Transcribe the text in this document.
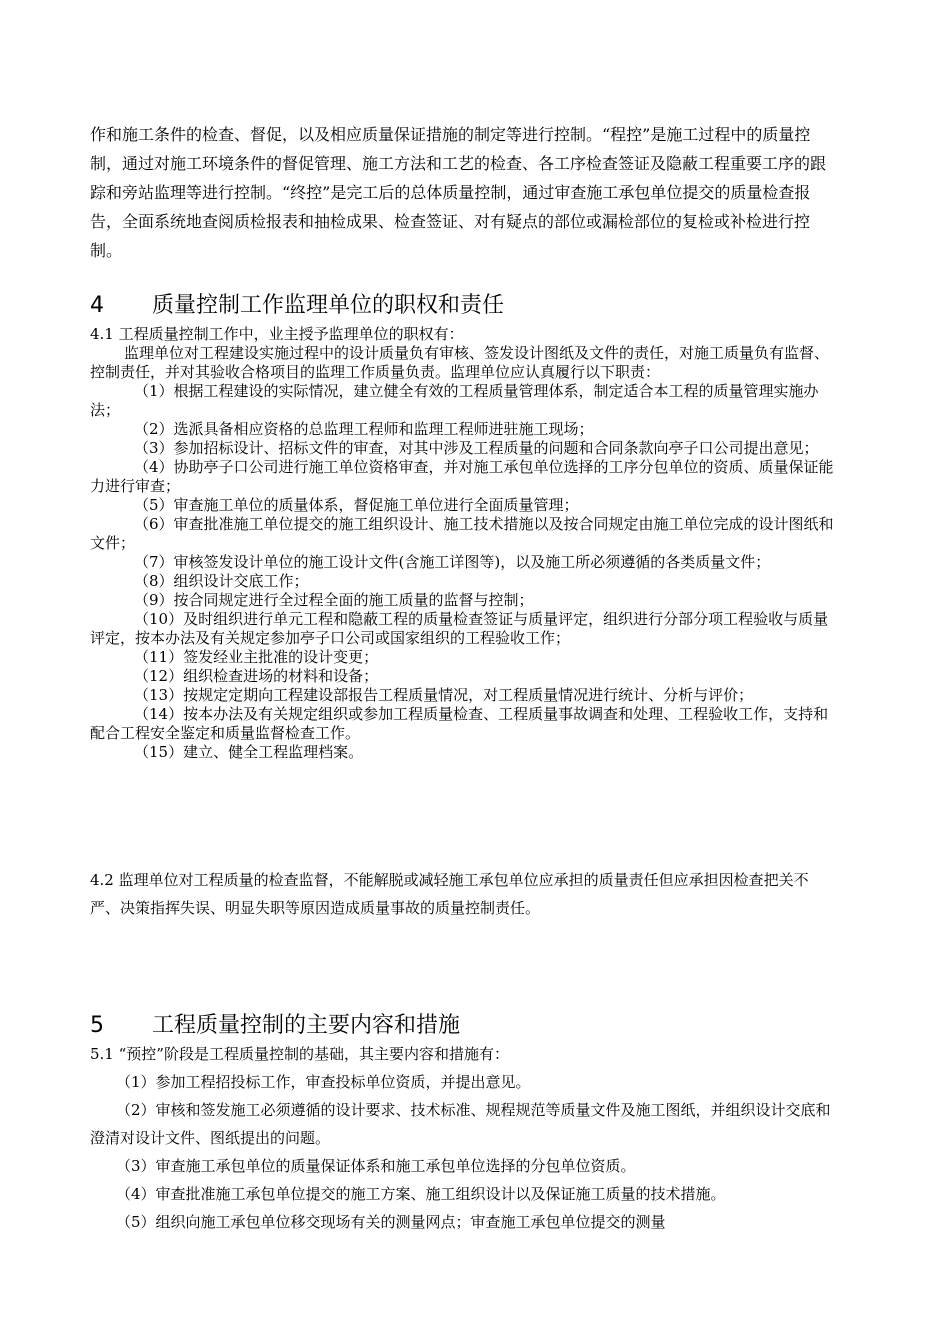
作和施工条件的检查、督促，以及相应质量保证措施的制定等进行控制。“程控”是施工过程中的质量控制，通过对施工环境条件的督促管理、施工方法和工艺的检查、各工序检查签证及隐蔽工程重要工序的跟踪和旁站监理等进行控制。“终控”是完工后的总体质量控制，通过审查施工承包单位提交的质量检查报告，全面系统地查阅质检报表和抽检成果、检查签证、对有疑点的部位或漏检部位的复检或补检进行控制。

4 质量控制工作监理单位的职权和责任

4.1 工程质量控制工作中，业主授予监理单位的职权有：

监理单位对工程建设实施过程中的设计质量负有审核、签发设计图纸及文件的责任，对施工质量负有监督、控制责任，并对其验收合格项目的监理工作质量负责。监理单位应认真履行以下职责：

（1）根据工程建设的实际情况，建立健全有效的工程质量管理体系，制定适合本工程的质量管理实施办法；

（2）选派具备相应资格的总监理工程师和监理工程师进驻施工现场；

（3）参加招标设计、招标文件的审查，对其中涉及工程质量的问题和合同条款向亭子口公司提出意见；

（4）协助亭子口公司进行施工单位资格审查，并对施工承包单位选择的工序分包单位的资质、质量保证能力进行审查；

（5）审查施工单位的质量体系，督促施工单位进行全面质量管理；

（6）审查批准施工单位提交的施工组织设计、施工技术措施以及按合同规定由施工单位完成的设计图纸和文件；

（7）审核签发设计单位的施工设计文件(含施工详图等)，以及施工所必须遵循的各类质量文件；

（8）组织设计交底工作；

（9）按合同规定进行全过程全面的施工质量的监督与控制；

（10）及时组织进行单元工程和隐蔽工程的质量检查签证与质量评定，组织进行分部分项工程验收与质量评定，按本办法及有关规定参加亭子口公司或国家组织的工程验收工作；

（11）签发经业主批准的设计变更；

（12）组织检查进场的材料和设备；

（13）按规定定期向工程建设部报告工程质量情况，对工程质量情况进行统计、分析与评价；

（14）按本办法及有关规定组织或参加工程质量检查、工程质量事故调查和处理、工程验收工作，支持和配合工程安全鉴定和质量监督检查工作。

（15）建立、健全工程监理档案。

4.2 监理单位对工程质量的检查监督，不能解脱或减轻施工承包单位应承担的质量责任但应承担因检查把关不严、决策指挥失误、明显失职等原因造成质量事故的质量控制责任。

5 工程质量控制的主要内容和措施

5.1 “预控”阶段是工程质量控制的基础，其主要内容和措施有：

（1）参加工程招投标工作，审查投标单位资质，并提出意见。

（2）审核和签发施工必须遵循的设计要求、技术标准、规程规范等质量文件及施工图纸，并组织设计交底和澄清对设计文件、图纸提出的问题。

（3）审查施工承包单位的质量保证体系和施工承包单位选择的分包单位资质。

（4）审查批准施工承包单位提交的施工方案、施工组织设计以及保证施工质量的技术措施。

（5）组织向施工承包单位移交现场有关的测量网点；审查施工承包单位提交的测量
